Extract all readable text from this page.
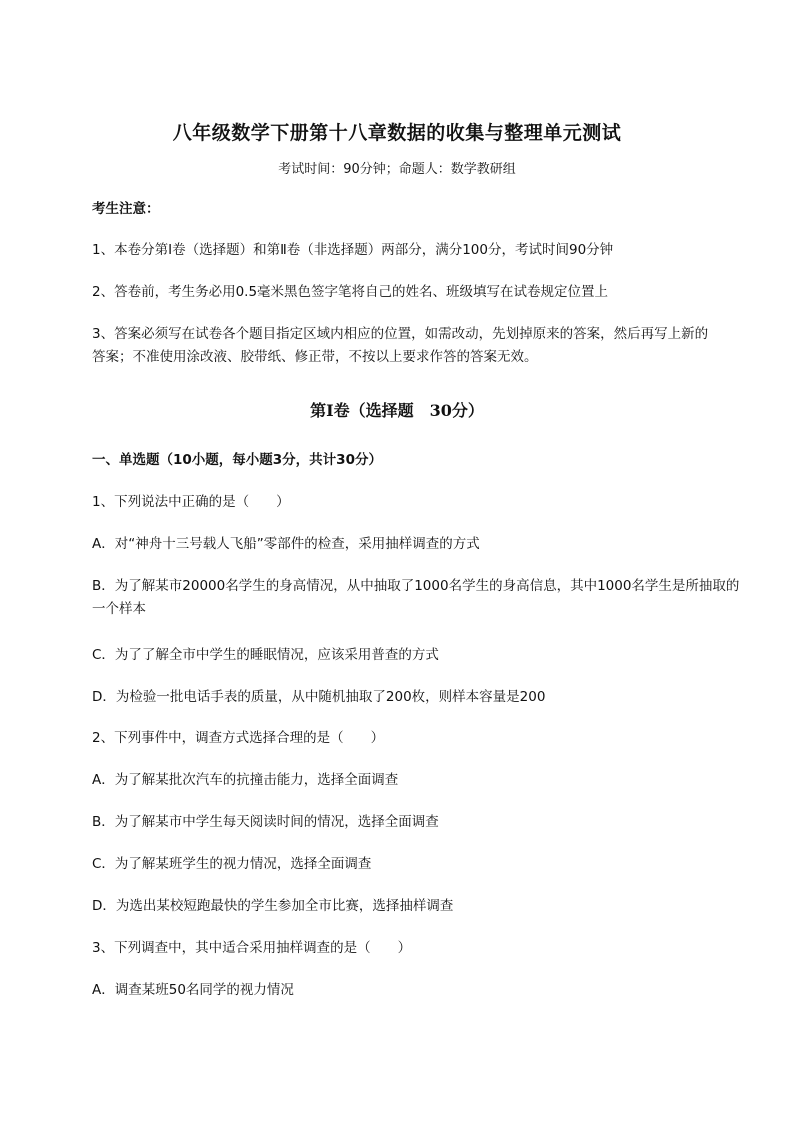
八年级数学下册第十八章数据的收集与整理单元测试
考试时间：90分钟；命题人：数学教研组
考生注意：
1、本卷分第Ⅰ卷（选择题）和第Ⅱ卷（非选择题）两部分，满分100分，考试时间90分钟
2、答卷前，考生务必用0.5毫米黑色签字笔将自己的姓名、班级填写在试卷规定位置上
3、答案必须写在试卷各个题目指定区域内相应的位置，如需改动，先划掉原来的答案，然后再写上新的答案；不准使用涂改液、胶带纸、修正带，不按以上要求作答的答案无效。
第Ⅰ卷（选择题　30分）
一、单选题（10小题，每小题3分，共计30分）
1、下列说法中正确的是（　　）
A．对“神舟十三号载人飞船”零部件的检查，采用抽样调查的方式
B．为了解某市20000名学生的身高情况，从中抽取了1000名学生的身高信息，其中1000名学生是所抽取的一个样本
C．为了了解全市中学生的睡眠情况，应该采用普查的方式
D．为检验一批电话手表的质量，从中随机抽取了200枚，则样本容量是200
2、下列事件中，调查方式选择合理的是（　　）
A．为了解某批次汽车的抗撞击能力，选择全面调查
B．为了解某市中学生每天阅读时间的情况，选择全面调查
C．为了解某班学生的视力情况，选择全面调查
D．为选出某校短跑最快的学生参加全市比赛，选择抽样调查
3、下列调查中，其中适合采用抽样调查的是（　　）
A．调查某班50名同学的视力情况
